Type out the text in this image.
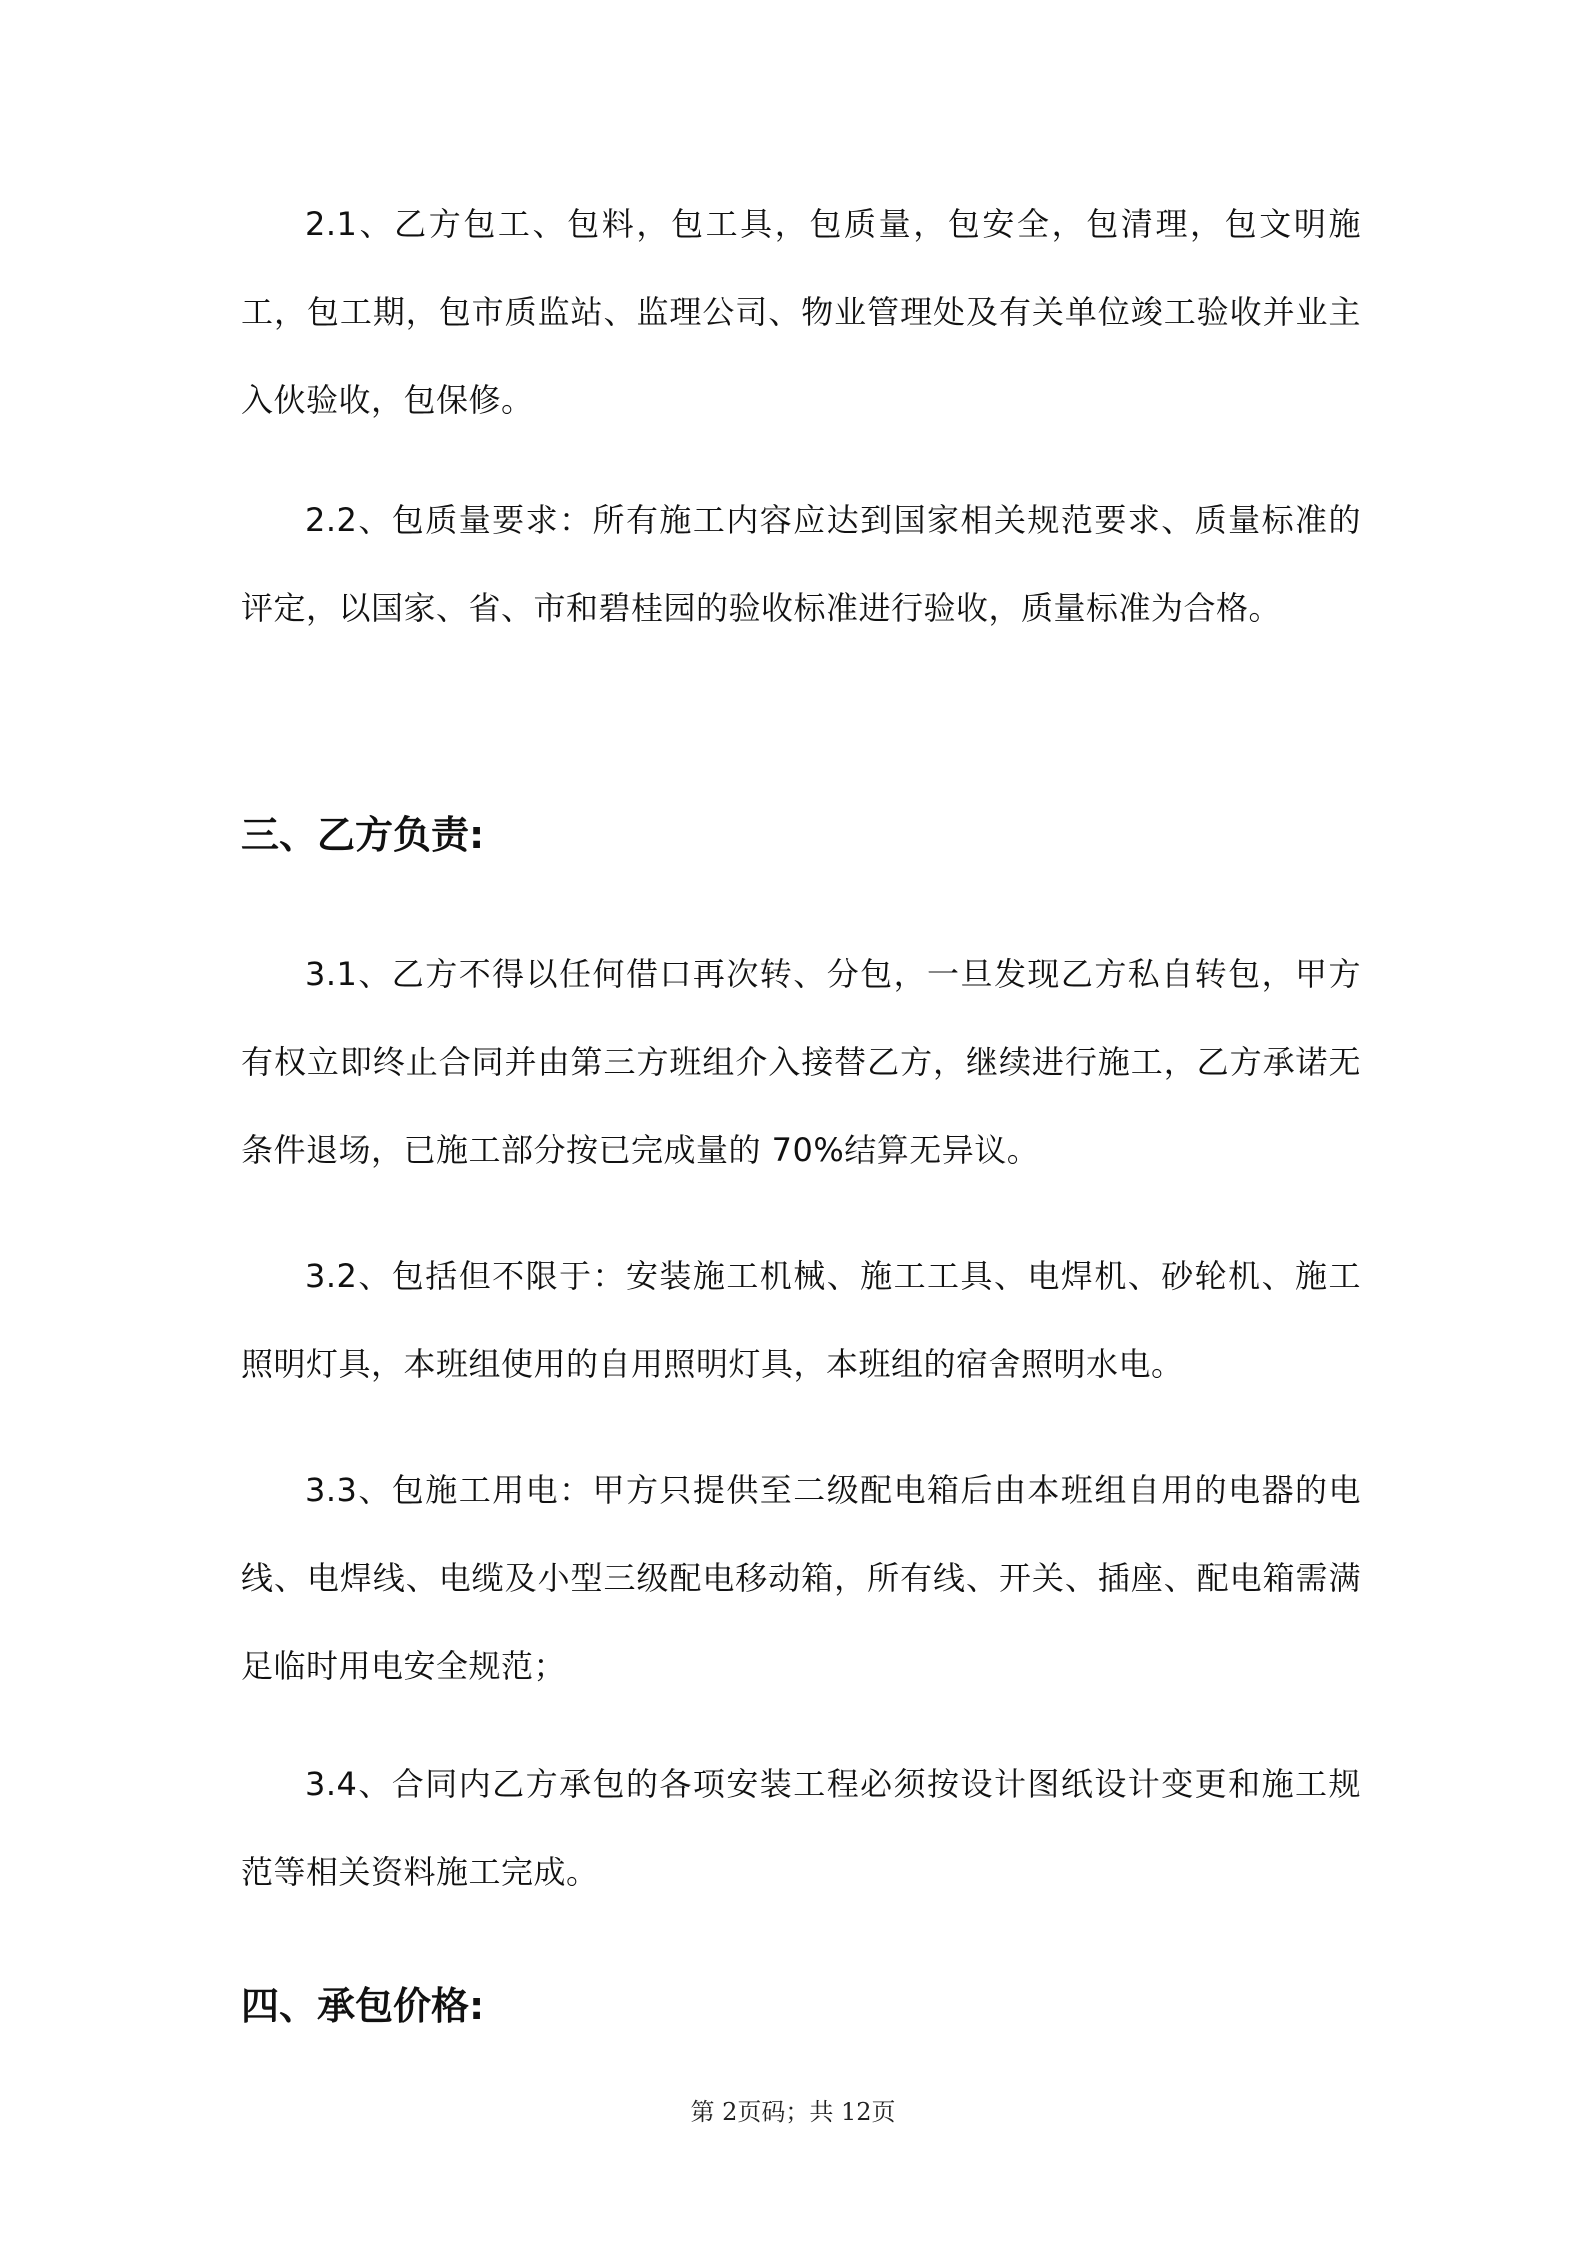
2.1、乙方包工、包料，包工具，包质量，包安全，包清理，包文明施工，包工期，包市质监站、监理公司、物业管理处及有关单位竣工验收并业主入伙验收，包保修。

2.2、包质量要求：所有施工内容应达到国家相关规范要求、质量标准的评定，以国家、省、市和碧桂园的验收标准进行验收，质量标准为合格。

三、乙方负责:

3.1、乙方不得以任何借口再次转、分包，一旦发现乙方私自转包，甲方有权立即终止合同并由第三方班组介入接替乙方，继续进行施工，乙方承诺无条件退场，已施工部分按已完成量的 70%结算无异议。

3.2、包括但不限于：安装施工机械、施工工具、电焊机、砂轮机、施工照明灯具，本班组使用的自用照明灯具，本班组的宿舍照明水电。

3.3、包施工用电：甲方只提供至二级配电箱后由本班组自用的电器的电线、电焊线、电缆及小型三级配电移动箱，所有线、开关、插座、配电箱需满足临时用电安全规范；

3.4、合同内乙方承包的各项安装工程必须按设计图纸设计变更和施工规范等相关资料施工完成。

四、承包价格:
第 2页码；共 12页
